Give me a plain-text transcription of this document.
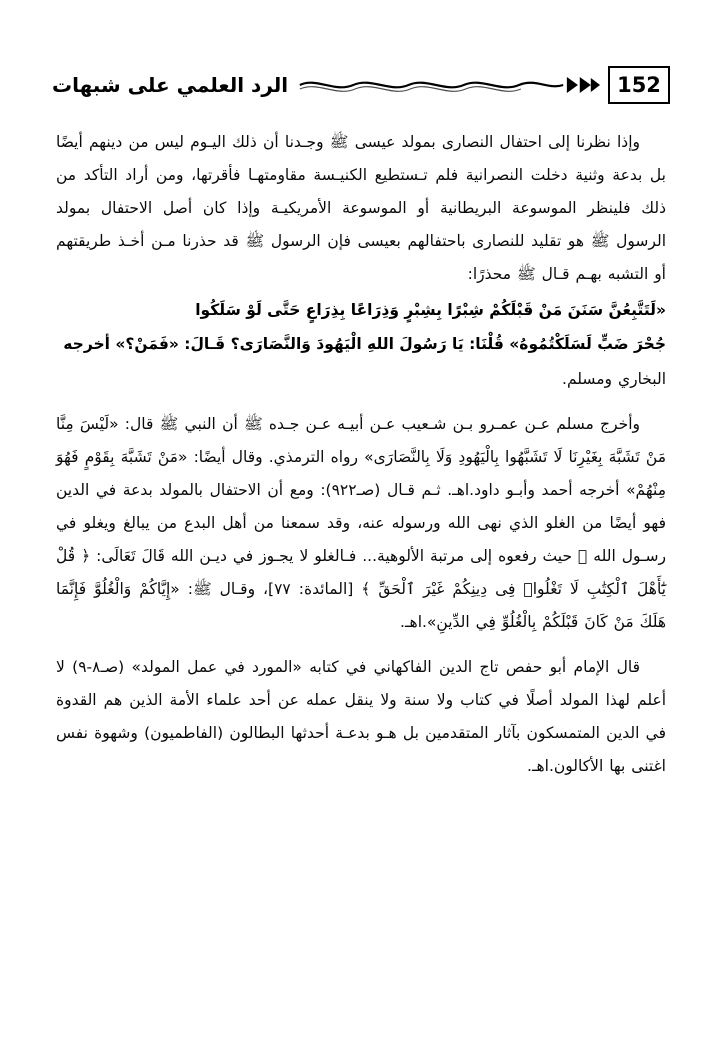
الرد العلمي على شبهات	152

وإذا نظرنا إلى احتفال النصارى بمولد عيسى ﷺ وجـدنا أن ذلك اليـوم ليس من دينهم أيضًا بل بدعة وثنية دخلت النصرانية فلم تـستطيع الكنيـسة مقاومتهـا فأقرتها، ومن أراد التأكد من ذلك فلينظر الموسوعة البريطانية أو الموسوعة الأمريكيـة وإذا كان أصل الاحتفال بمولد الرسول ﷺ هو تقليد للنصارى باحتفالهم بعيسى فإن الرسول ﷺ قد حذرنا مـن أخـذ طريقتهم أو التشبه بهـم قـال ﷺ محذرًا:

«لَتَتَّبِعُنَّ سَنَنَ مَنْ قَبْلَكُمْ شِبْرًا بِشِبْرٍ وَذِرَاعًا بِذِرَاعٍ حَتَّى لَوْ سَلَكُوا
جُحْرَ ضَبٍّ لَسَلَكْتُمُوهُ» قُلْنَا: يَا رَسُولَ اللهِ الْيَهُودَ وَالنَّصَارَى؟ قَـالَ: «فَمَنْ؟» أخرجه

البخاري ومسلم.

وأخرج مسلم عـن عمـرو بـن شـعيب عـن أبيـه عـن جـده ﷺ أن النبي ﷺ قال: «لَيْسَ مِنَّا مَنْ تَشَبَّهَ بِغَيْرِنَا لَا تَشَبَّهُوا بِالْيَهُودِ وَلَا بِالنَّصَارَى» رواه الترمذي. وقال أيضًا: «مَنْ تَشَبَّهَ بِقَوْمٍ فَهُوَ مِنْهُمْ» أخرجه أحمد وأبـو داود.اهـ. ثـم قـال (صـ٩٢٢): ومع أن الاحتفال بالمولد بدعة في الدين فهو أيضًا من الغلو الذي نهى الله ورسوله عنه، وقد سمعنا من أهل البدع من يبالغ ويغلو في رسـول الله ﷺ حيث رفعوه إلى مرتبة الألوهية... فـالغلو لا يجـوز في ديـن الله قَالَ تَعَالَى: ﴿ قُلْ يَٰٓأَهْلَ ٱلْكِتَٰبِ لَا تَغْلُوا۟ فِى دِينِكُمْ غَيْرَ ٱلْحَقِّ ﴾ [المائدة: ٧٧]، وقـال ﷺ: «إِيَّاكُمْ وَالْغُلُوَّ فَإِنَّمَا هَلَكَ مَنْ كَانَ قَبْلَكُمْ بِالْغُلُوِّ فِي الدِّينِ».اهـ.

قال الإمام أبو حفص تاج الدين الفاكهاني في كتابه «المورد في عمل المولد» (صـ٨-٩) لا أعلم لهذا المولد أصلًا في كتاب ولا سنة ولا ينقل عمله عن أحد علماء الأمة الذين هم القدوة في الدين المتمسكون بآثار المتقدمين بل هـو بدعـة أحدثها البطالون (الفاطميون) وشهوة نفس اغتنى بها الأكالون.اهـ.
